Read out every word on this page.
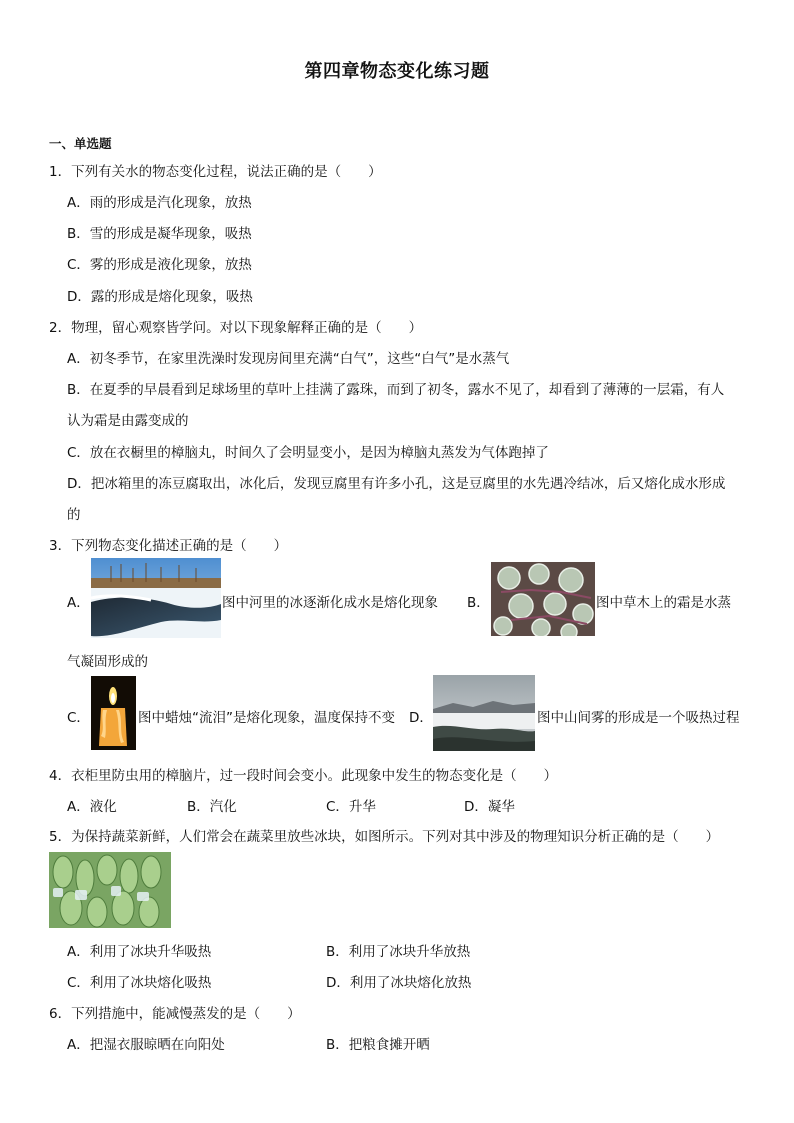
第四章物态变化练习题
一、单选题
1．下列有关水的物态变化过程，说法正确的是（　　）
A．雨的形成是汽化现象，放热
B．雪的形成是凝华现象，吸热
C．雾的形成是液化现象，放热
D．露的形成是熔化现象，吸热
2．物理，留心观察皆学问。对以下现象解释正确的是（　　）
A．初冬季节，在家里洗澡时发现房间里充满“白气”，这些“白气”是水蒸气
B．在夏季的早晨看到足球场里的草叶上挂满了露珠，而到了初冬，露水不见了，却看到了薄薄的一层霜，有人
认为霜是由露变成的
C．放在衣橱里的樟脑丸，时间久了会明显变小，是因为樟脑丸蒸发为气体跑掉了
D．把冰箱里的冻豆腐取出，冰化后，发现豆腐里有许多小孔，这是豆腐里的水先遇冷结冰，后又熔化成水形成
的
3．下列物态变化描述正确的是（　　）
A．	图中河里的冰逐渐化成水是熔化现象 B．	图中草木上的霜是水蒸
气凝固形成的
C．	图中蜡烛“流泪”是熔化现象，温度保持不变 D．	图中山间雾的形成是一个吸热过程
4．衣柜里防虫用的樟脑片，过一段时间会变小。此现象中发生的物态变化是（　　）
A．液化	B．汽化	C．升华	D．凝华
5．为保持蔬菜新鲜，人们常会在蔬菜里放些冰块，如图所示。下列对其中涉及的物理知识分析正确的是（　　）
A．利用了冰块升华吸热	B．利用了冰块升华放热
C．利用了冰块熔化吸热	D．利用了冰块熔化放热
6．下列措施中，能减慢蒸发的是（　　）
A．把湿衣服晾晒在向阳处	B．把粮食摊开晒
